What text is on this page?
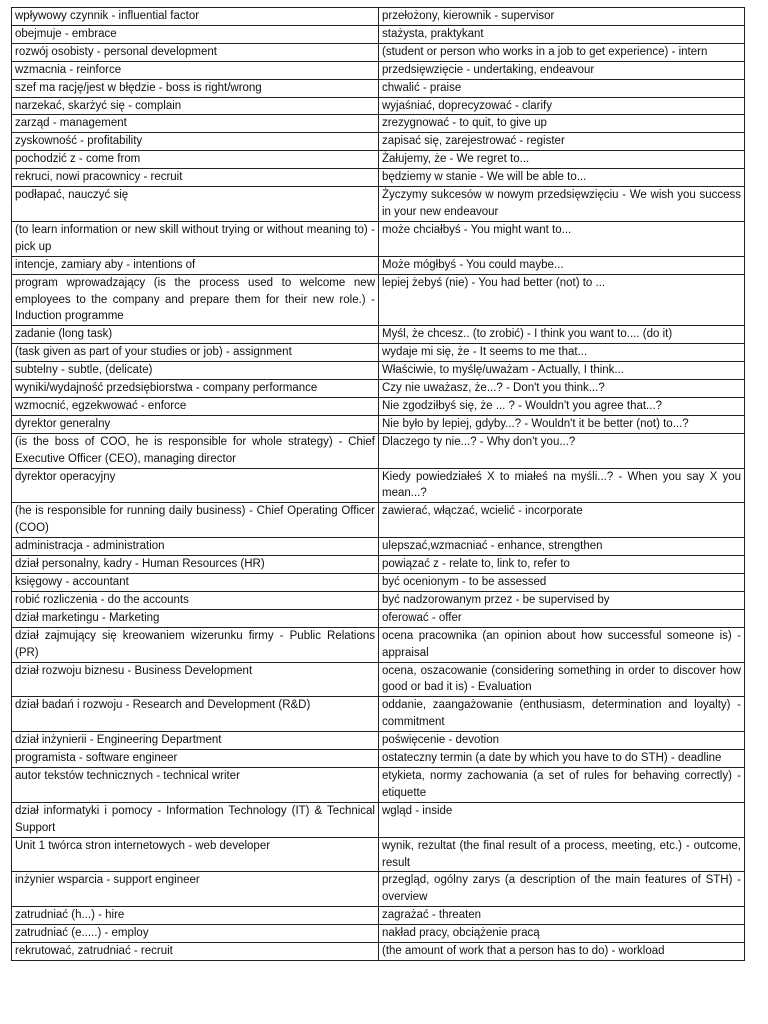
wpływowy czynnik - influential factor	przełożony, kierownik - supervisor
obejmuje - embrace	stażysta, praktykant
rozwój osobisty - personal development	(student or person who works in a job to get experience) - intern
wzmacnia - reinforce	przedsięwzięcie - undertaking, endeavour
szef ma rację/jest w błędzie - boss is right/wrong	chwalić - praise
narzekać, skarżyć się - complain	wyjaśniać, doprecyzować - clarify
zarząd - management	zrezygnować - to quit, to give up
zyskowność - profitability	zapisać się, zarejestrować - register
pochodzić z - come from	Żałujemy, że - We regret to...
rekruci, nowi pracownicy - recruit	będziemy w stanie - We will be able to...
podłapać, nauczyć się	Życzymy sukcesów w nowym przedsięwzięciu - We wish you success in your new endeavour
(to learn information or new skill without trying or without meaning to) - pick up	może chciałbyś - You might want to...
intencje, zamiary aby - intentions of	Może mógłbyś - You could maybe...
program wprowadzający (is the process used to welcome new employees to the company and prepare them for their new role.) - Induction programme	lepiej żebyś (nie) - You had better (not) to ...
zadanie (long task)	Myśl, że chcesz.. (to zrobić) - I think you want to.... (do it)
(task given as part of your studies or job) - assignment	wydaje mi się, że - It seems to me that...
subtelny - subtle, (delicate)	Właściwie, to myślę/uważam - Actually, I think...
wyniki/wydajność przedsiębiorstwa - company performance	Czy nie uważasz, że...? - Don't you think...?
wzmocnić, egzekwować - enforce	Nie zgodziłbyś się, że ... ? - Wouldn't you agree that...?
dyrektor generalny	Nie było by lepiej, gdyby...? - Wouldn't it be better (not) to...?
(is the boss of COO, he is responsible for whole strategy) - Chief Executive Officer (CEO), managing director	Dlaczego ty nie...? - Why don't you...?
dyrektor operacyjny	Kiedy powiedziałeś X to miałeś na myśli...? - When you say X you mean...?
(he is responsible for running daily business) - Chief Operating Officer (COO)	zawierać, włączać, wcielić - incorporate
administracja - administration	ulepszać,wzmacniać - enhance, strengthen
dział personalny, kadry - Human Resources (HR)	powiązać z - relate to, link to, refer to
księgowy - accountant	być ocenionym - to be assessed
robić rozliczenia - do the accounts	być nadzorowanym przez - be supervised by
dział marketingu - Marketing	oferować - offer
dział zajmujący się kreowaniem wizerunku firmy - Public Relations (PR)	ocena pracownika (an opinion about how successful someone is) - appraisal
dział rozwoju biznesu - Business Development	ocena, oszacowanie (considering something in order to discover how good or bad it is) - Evaluation
dział badań i rozwoju - Research and Development (R&D)	oddanie, zaangażowanie (enthusiasm, determination and loyalty) - commitment
dział inżynierii - Engineering Department	poświęcenie - devotion
programista - software engineer	ostateczny termin (a date by which you have to do STH) - deadline
autor tekstów technicznych - technical writer	etykieta, normy zachowania (a set of rules for behaving correctly) - etiquette
dział informatyki i pomocy - Information Technology (IT) & Technical Support	wgląd - inside
Unit 1 twórca stron internetowych - web developer	wynik, rezultat (the final result of a process, meeting, etc.) - outcome, result
inżynier wsparcia - support engineer	przegląd, ogólny zarys (a description of the main features of STH) - overview
zatrudniać (h...) - hire	zagrażać - threaten
zatrudniać (e.....) - employ	nakład pracy, obciążenie pracą
rekrutować, zatrudniać - recruit	(the amount of work that a person has to do) - workload
